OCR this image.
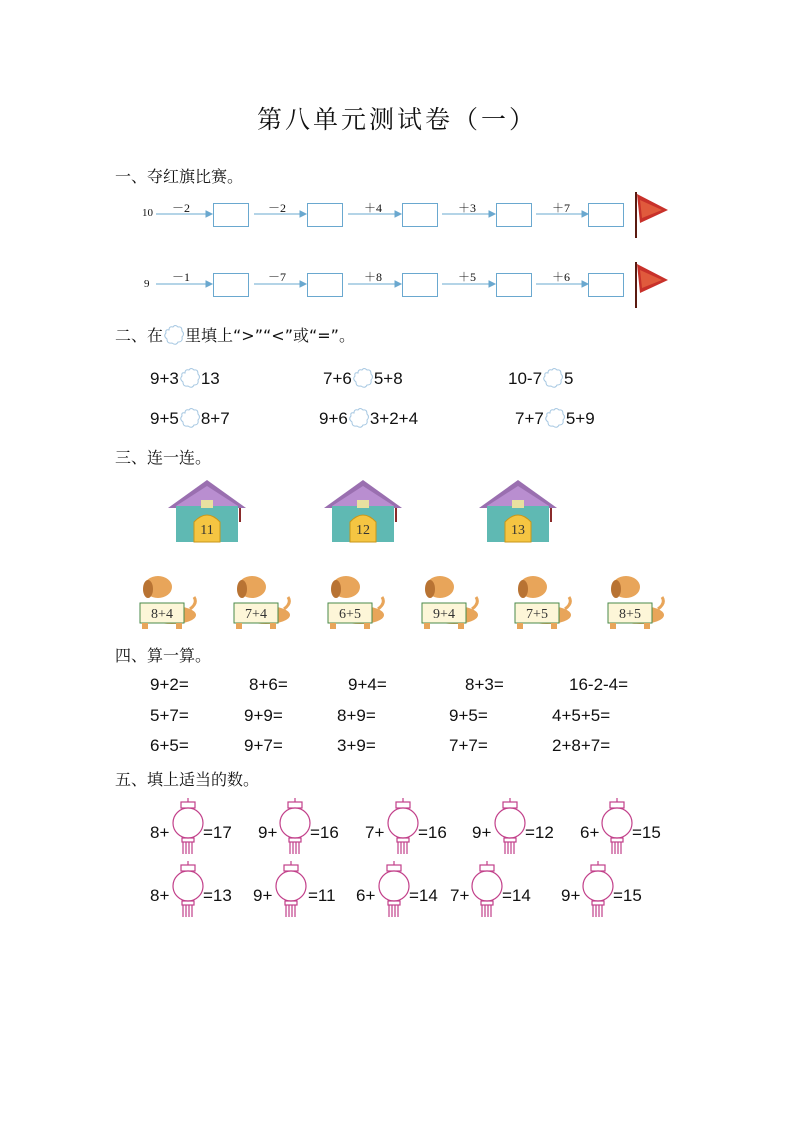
第八单元测试卷（一）
一、夺红旗比赛。
10	－2	－2	＋4	＋3	＋7
9	－1	－7	＋8	＋5	＋6
二、在 里填上“>”“<”或“=”。
9+3 13	7+6 5+8	10-7 5
9+5 8+7	9+6 3+2+4	7+7 5+9
三、连一连。
11	12	13
8+4	7+4	6+5	9+4	7+5	8+5
四、算一算。
9+2=	8+6=	9+4=	8+3=	16-2-4=
5+7=	9+9=	8+9=	9+5=	4+5+5=
6+5=	9+7=	3+9=	7+7=	2+8+7=
五、填上适当的数。
8+ =17 9+ =16 7+ =16 9+ =12 6+ =15
8+ =13 9+ =11 6+ =14 7+ =14 9+ =15
